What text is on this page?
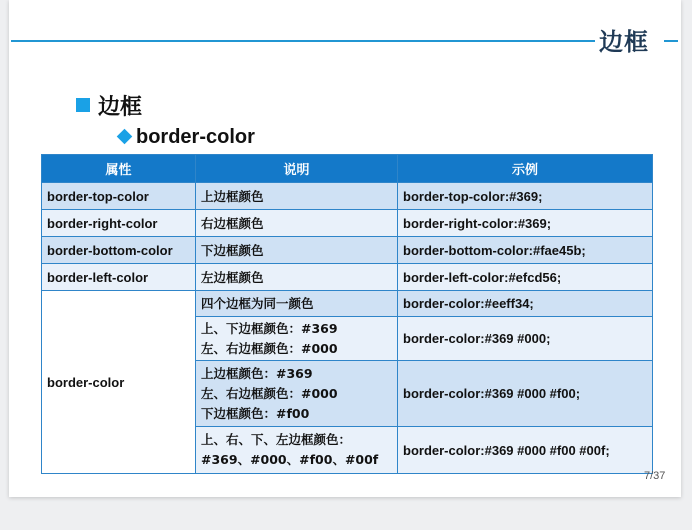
边框
边框
border-color
属性	说明	示例
border-top-color	上边框颜色	border-top-color:#369;
border-right-color	右边框颜色	border-right-color:#369;
border-bottom-color	下边框颜色	border-bottom-color:#fae45b;
border-left-color	左边框颜色	border-left-color:#efcd56;
border-color	四个边框为同一颜色	border-color:#eeff34;

	上、下边框颜色：#369
左、右边框颜色：#000	border-color:#369 #000;

	上边框颜色：#369
左、右边框颜色：#000
下边框颜色：#f00	border-color:#369 #000 #f00;

	上、右、下、左边框颜色：
#369、#000、#f00、#00f	border-color:#369 #000 #f00 #00f;
7/37
